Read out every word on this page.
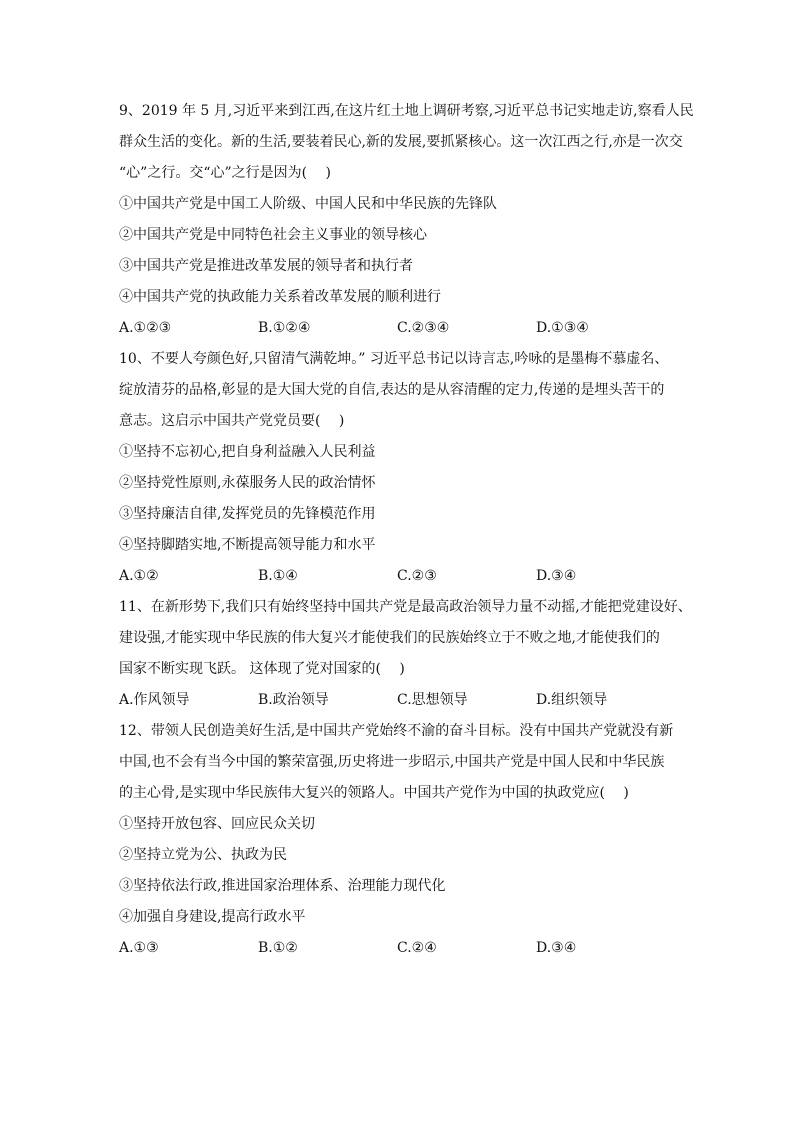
9、2019 年 5 月,习近平来到江西,在这片红土地上调研考察,习近平总书记实地走访,察看人民
群众生活的变化。新的生活,要装着民心,新的发展,要抓紧核心。这一次江西之行,亦是一次交
“心”之行。交“心”之行是因为(　 )
①中国共产党是中国工人阶级、中国人民和中华民族的先锋队
②中国共产党是中同特色社会主义事业的领导核心
③中国共产党是推进改革发展的领导者和执行者
④中国共产党的执政能力关系着改革发展的顺利进行
A.①②③	B.①②④	C.②③④	D.①③④
10、不要人夸颜色好,只留清气满乾坤。” 习近平总书记以诗言志,吟咏的是墨梅不慕虚名、
绽放清芬的品格,彰显的是大国大党的自信,表达的是从容清醒的定力,传递的是埋头苦干的
意志。这启示中国共产党党员要(　 )
①坚持不忘初心,把自身利益融入人民利益
②坚持党性原则,永葆服务人民的政治情怀
③坚持廉洁自律,发挥党员的先锋模范作用
④坚持脚踏实地,不断提高领导能力和水平
A.①②	B.①④	C.②③	D.③④
11、在新形势下,我们只有始终坚持中国共产党是最高政治领导力量不动摇,才能把党建设好、
建设强,才能实现中华民族的伟大复兴才能使我们的民族始终立于不败之地,才能使我们的
国家不断实现飞跃。 这体现了党对国家的(　 )
A.作风领导	B.政治领导	C.思想领导	D.组织领导
12、带领人民创造美好生活,是中国共产党始终不渝的奋斗目标。没有中国共产党就没有新
中国,也不会有当今中国的繁荣富强,历史将进一步昭示,中国共产党是中国人民和中华民族
的主心骨,是实现中华民族伟大复兴的领路人。中国共产党作为中国的执政党应(　 )
①坚持开放包容、回应民众关切
②坚持立党为公、执政为民
③坚持依法行政,推进国家治理体系、治理能力现代化
④加强自身建设,提高行政水平
A.①③	B.①②	C.②④	D.③④
